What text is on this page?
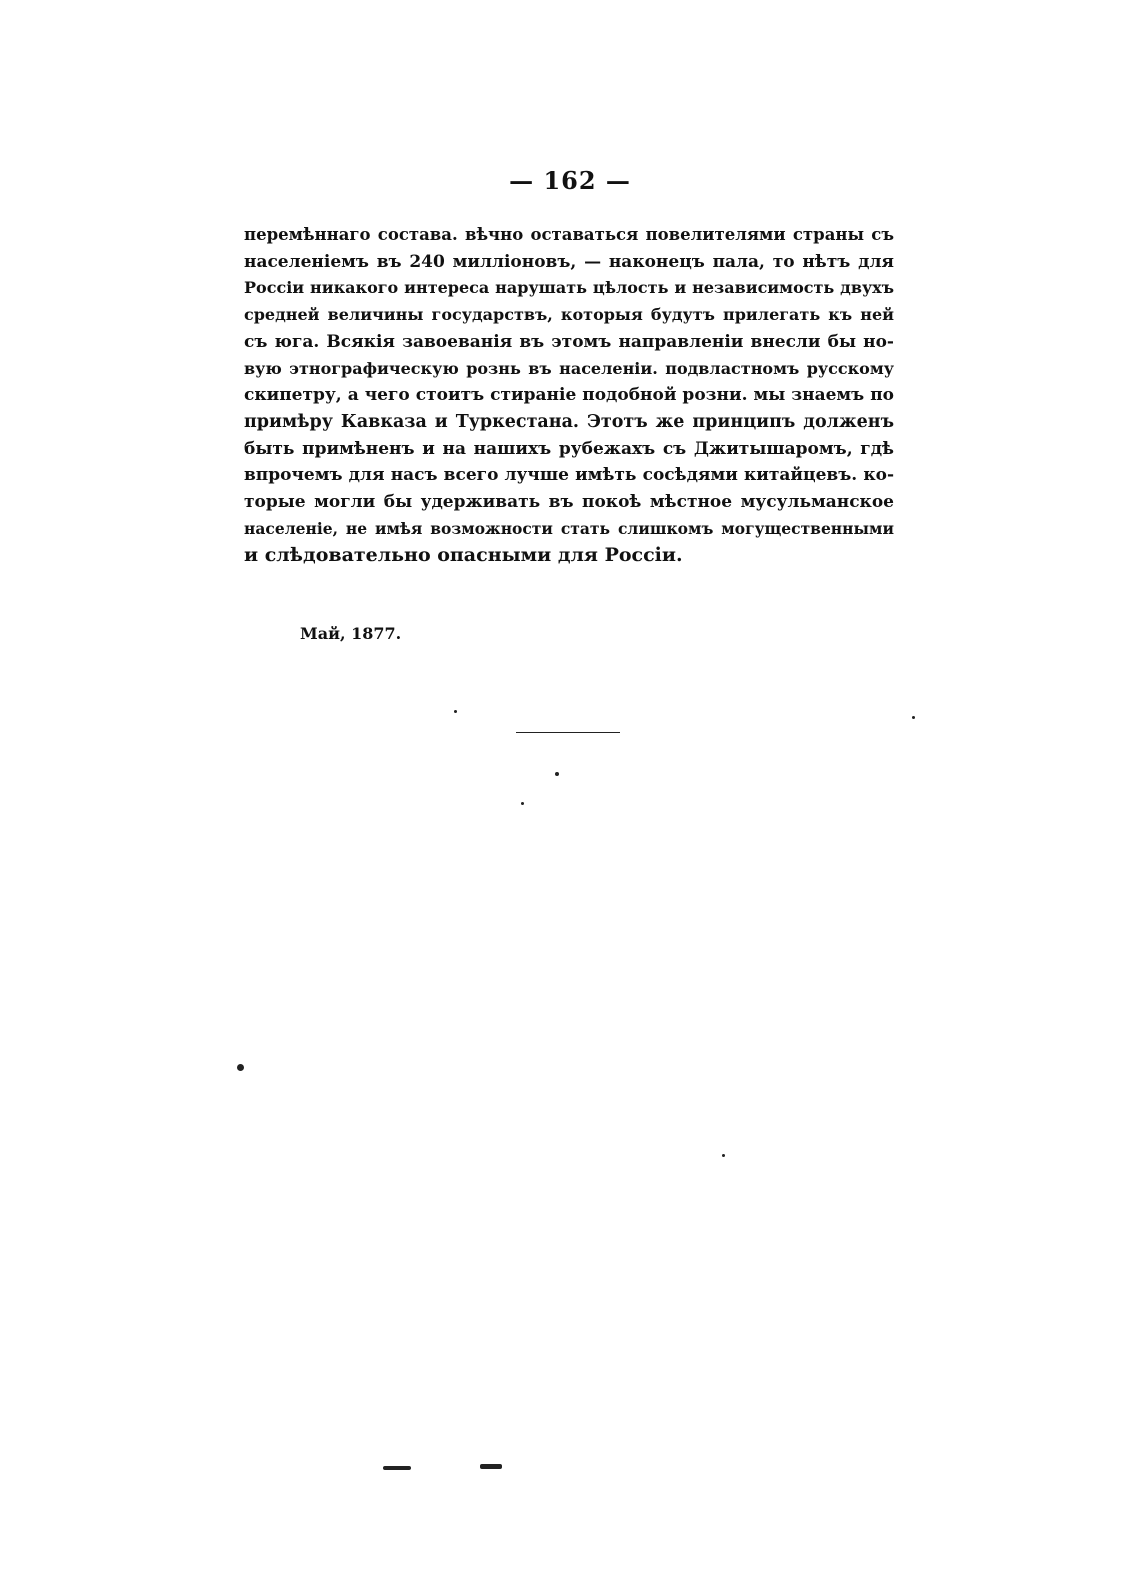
— 162 —
перемѣннаго состава. вѣчно оставаться повелителями страны съ
населеніемъ въ 240 милліоновъ, — наконецъ пала, то нѣтъ для
Россіи никакого интереса нарушать цѣлость и независимость двухъ
средней величины государствъ, которыя будутъ прилегать къ ней
съ юга. Всякія завоеванія въ этомъ направленіи внесли бы но-
вую этнографическую рознь въ населеніи. подвластномъ русскому
скипетру, а чего стоитъ стираніе подобной розни. мы знаемъ по
примѣру Кавказа и Туркестана. Этотъ же принципъ долженъ
быть примѣненъ и на нашихъ рубежахъ съ Джитышаромъ, гдѣ
впрочемъ для насъ всего лучше имѣть сосѣдями китайцевъ. ко-
торые могли бы удерживать въ покоѣ мѣстное мусульманское
населеніе, не имѣя возможности стать слишкомъ могущественными
и слѣдовательно опасными для Россіи.
Май, 1877.
